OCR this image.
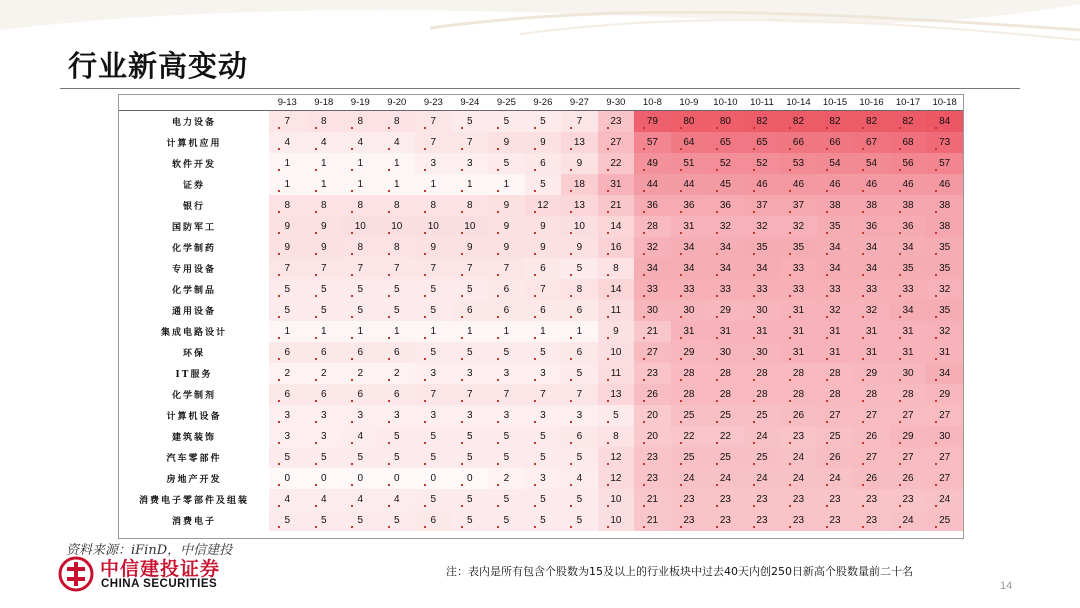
行业新高变动
	9-13	9-18	9-19	9-20	9-23	9-24	9-25	9-26	9-27	9-30	10-8	10-9	10-10	10-11	10-14	10-15	10-16	10-17	10-18
电力设备	7	8	8	8	7	5	5	5	7	23	79	80	80	82	82	82	82	82	84
计算机应用	4	4	4	4	7	7	9	9	13	27	57	64	65	65	66	66	67	68	73
软件开发	1	1	1	1	3	3	5	6	9	22	49	51	52	52	53	54	54	56	57
证券	1	1	1	1	1	1	1	5	18	31	44	44	45	46	46	46	46	46	46
银行	8	8	8	8	8	8	9	12	13	21	36	36	36	37	37	38	38	38	38
国防军工	9	9	10	10	10	10	9	9	10	14	28	31	32	32	32	35	36	36	38
化学制药	9	9	8	8	9	9	9	9	9	16	32	34	34	35	35	34	34	34	35
专用设备	7	7	7	7	7	7	7	6	5	8	34	34	34	34	33	34	34	35	35
化学制品	5	5	5	5	5	5	6	7	8	14	33	33	33	33	33	33	33	33	32
通用设备	5	5	5	5	5	6	6	6	6	11	30	30	29	30	31	32	32	34	35
集成电路设计	1	1	1	1	1	1	1	1	1	9	21	31	31	31	31	31	31	31	32
环保	6	6	6	6	5	5	5	5	6	10	27	29	30	30	31	31	31	31	31
IT服务	2	2	2	2	3	3	3	3	5	11	23	28	28	28	28	28	29	30	34
化学制剂	6	6	6	6	7	7	7	7	7	13	26	28	28	28	28	28	28	28	29
计算机设备	3	3	3	3	3	3	3	3	3	5	20	25	25	25	26	27	27	27	27
建筑装饰	3	3	4	5	5	5	5	5	6	8	20	22	22	24	23	25	26	29	30
汽车零部件	5	5	5	5	5	5	5	5	5	12	23	25	25	25	24	26	27	27	27
房地产开发	0	0	0	0	0	0	2	3	4	12	23	24	24	24	24	24	26	26	27
消费电子零部件及组装	4	4	4	4	5	5	5	5	5	10	21	23	23	23	23	23	23	23	24
消费电子	5	5	5	5	6	5	5	5	5	10	21	23	23	23	23	23	23	24	25
资料来源：iFinD，中信建投
中信建投证券
CHINA SECURITIES
注：表内是所有包含个股数为15及以上的行业板块中过去40天内创250日新高个股数量前二十名
14
